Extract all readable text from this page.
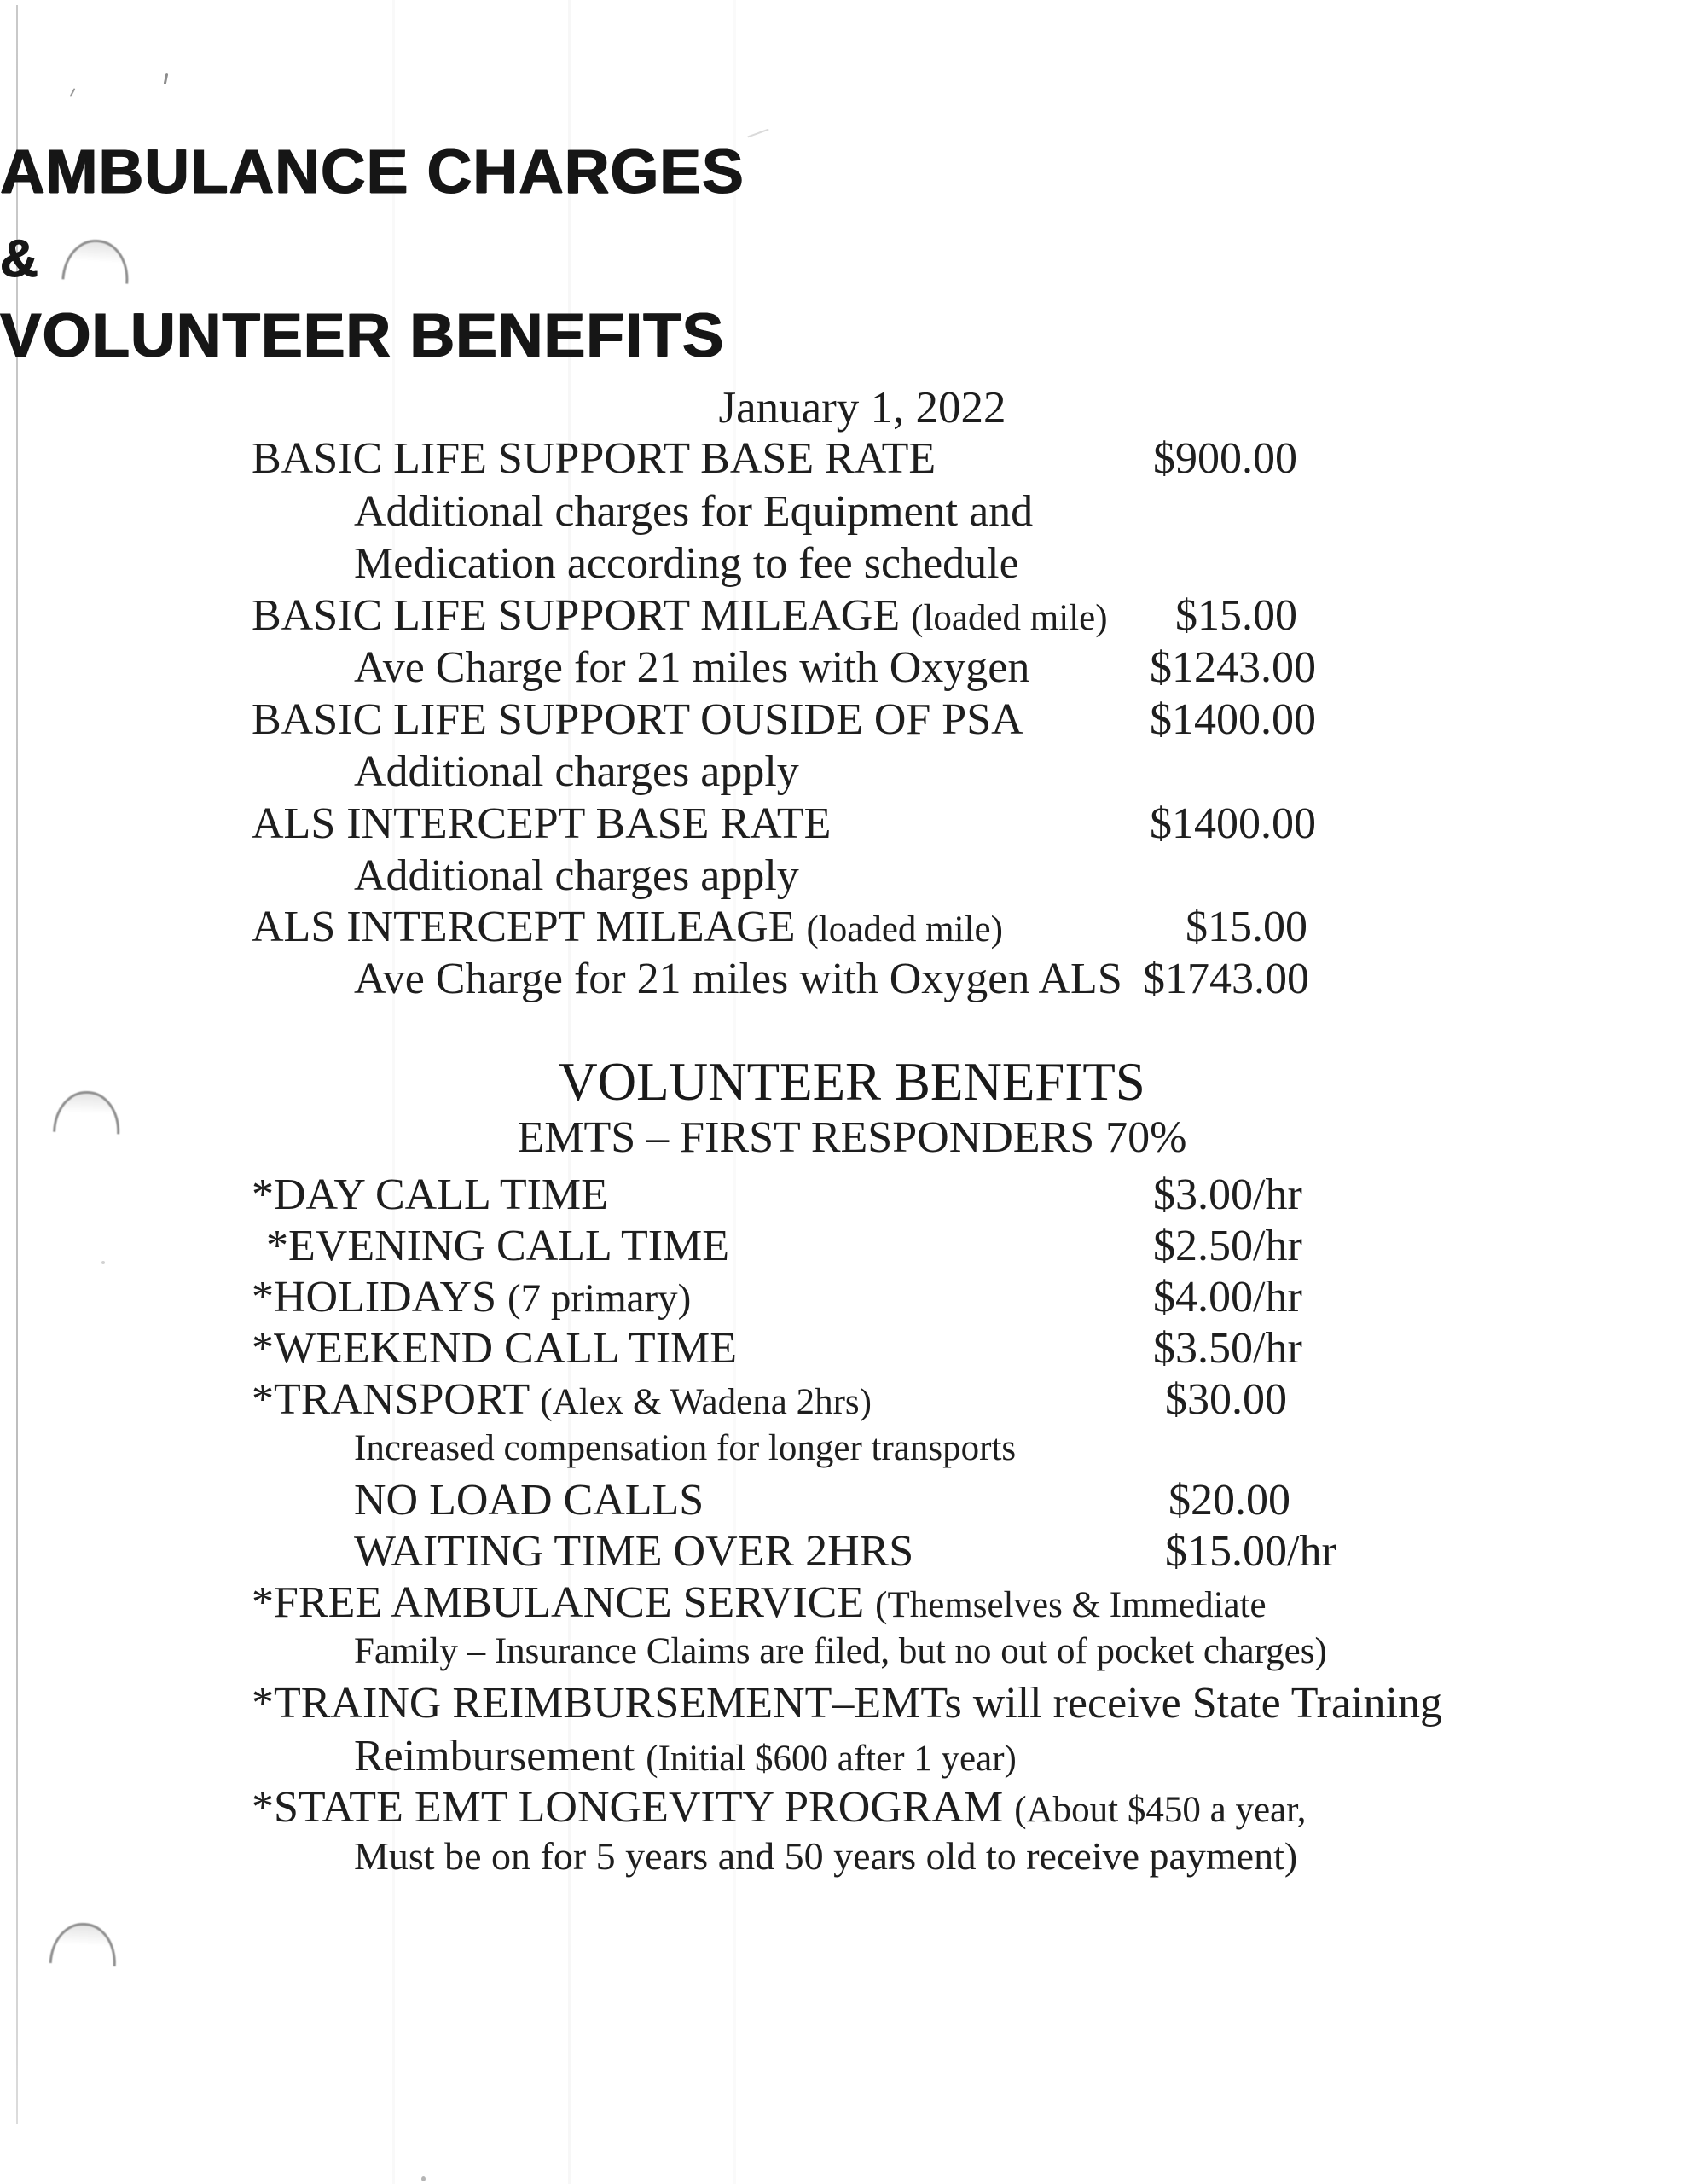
AMBULANCE CHARGES
&
VOLUNTEER BENEFITS
January 1, 2022
BASIC LIFE SUPPORT BASE RATE	$900.00
Additional charges for Equipment and
Medication according to fee schedule
BASIC LIFE SUPPORT MILEAGE (loaded mile) $15.00
Ave Charge for 21 miles with Oxygen	$1243.00
BASIC LIFE SUPPORT OUSIDE OF PSA	$1400.00
Additional charges apply
ALS INTERCEPT BASE RATE	$1400.00
Additional charges apply
ALS INTERCEPT MILEAGE (loaded mile)	$15.00
Ave Charge for 21 miles with Oxygen ALS $1743.00
VOLUNTEER BENEFITS
EMTS – FIRST RESPONDERS 70%
*DAY CALL TIME	$3.00/hr
*EVENING CALL TIME	$2.50/hr
*HOLIDAYS (7 primary)	$4.00/hr
*WEEKEND CALL TIME	$3.50/hr
*TRANSPORT (Alex & Wadena 2hrs)	$30.00
Increased compensation for longer transports
NO LOAD CALLS	$20.00
WAITING TIME OVER 2HRS	$15.00/hr
*FREE AMBULANCE SERVICE (Themselves & Immediate
Family – Insurance Claims are filed, but no out of pocket charges)
*TRAING REIMBURSEMENT–EMTs will receive State Training
Reimbursement (Initial $600 after 1 year)
*STATE EMT LONGEVITY PROGRAM (About $450 a year,
Must be on for 5 years and 50 years old to receive payment)
